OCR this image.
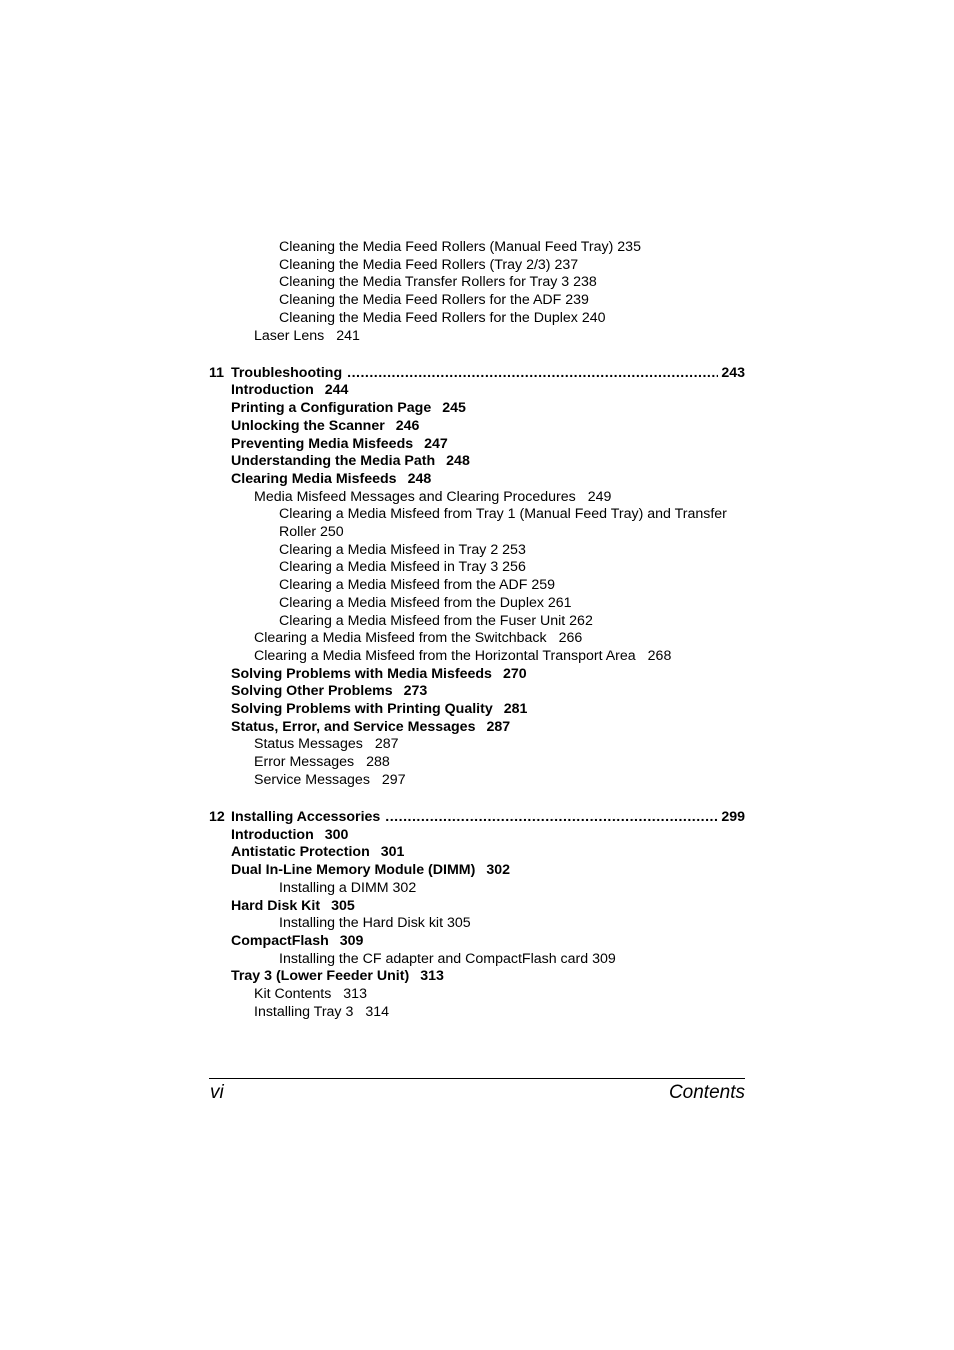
Cleaning the Media Feed Rollers (Manual Feed Tray) 235
Cleaning the Media Feed Rollers (Tray 2/3) 237
Cleaning the Media Transfer Rollers for Tray 3 238
Cleaning the Media Feed Rollers for the ADF 239
Cleaning the Media Feed Rollers for the Duplex 240
Laser Lens 241
11 Troubleshooting .....	243
Introduction 244
Printing a Configuration Page 245
Unlocking the Scanner 246
Preventing Media Misfeeds 247
Understanding the Media Path 248
Clearing Media Misfeeds 248
Media Misfeed Messages and Clearing Procedures 249
Clearing a Media Misfeed from Tray 1 (Manual Feed Tray) and Transfer
Roller 250
Clearing a Media Misfeed in Tray 2 253
Clearing a Media Misfeed in Tray 3 256
Clearing a Media Misfeed from the ADF 259
Clearing a Media Misfeed from the Duplex 261
Clearing a Media Misfeed from the Fuser Unit 262
Clearing a Media Misfeed from the Switchback 266
Clearing a Media Misfeed from the Horizontal Transport Area 268
Solving Problems with Media Misfeeds 270
Solving Other Problems 273
Solving Problems with Printing Quality 281
Status, Error, and Service Messages 287
Status Messages 287
Error Messages 288
Service Messages 297
12 Installing Accessories .....	299
Introduction 300
Antistatic Protection 301
Dual In-Line Memory Module (DIMM) 302
Installing a DIMM 302
Hard Disk Kit 305
Installing the Hard Disk kit 305
CompactFlash 309
Installing the CF adapter and CompactFlash card 309
Tray 3 (Lower Feeder Unit) 313
Kit Contents 313
Installing Tray 3 314
vi	Contents
